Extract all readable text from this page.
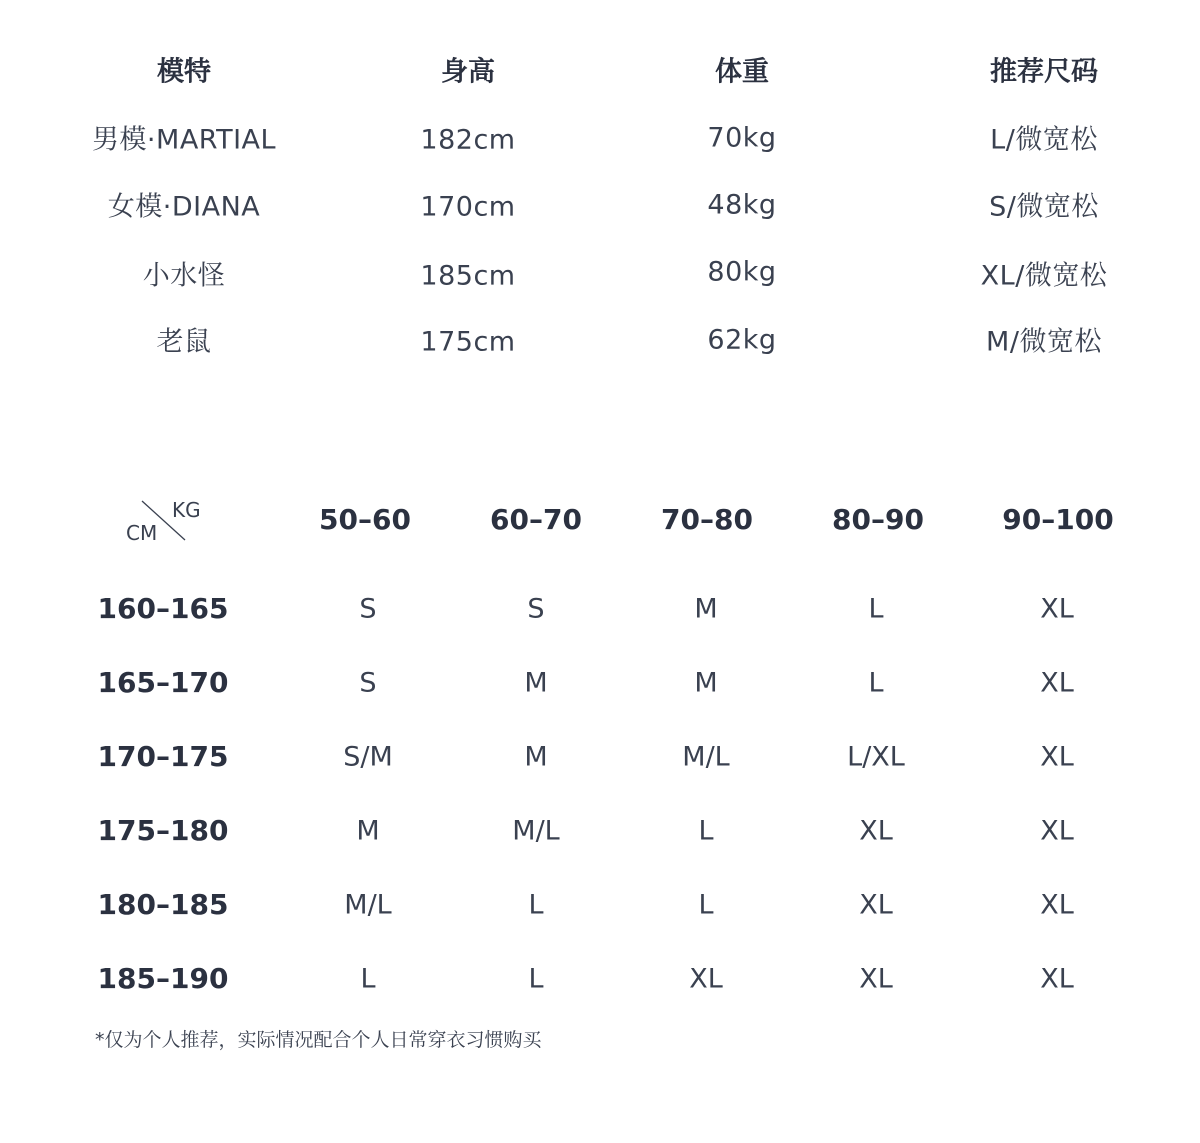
模特	身高	体重	推荐尺码
男模·MARTIAL	182cm	70kg	L/微宽松
女模·DIANA	170cm	48kg	S/微宽松
小水怪	185cm	80kg	XL/微宽松
老鼠	175cm	62kg	M/微宽松
KG
CM	50–60	60–70	70–80	80–90	90–100
160–165	S	S	M	L	XL
165–170	S	M	M	L	XL
170–175	S/M	M	M/L	L/XL	XL
175–180	M	M/L	L	XL	XL
180–185	M/L	L	L	XL	XL
185–190	L	L	XL	XL	XL
*仅为个人推荐，实际情况配合个人日常穿衣习惯购买
